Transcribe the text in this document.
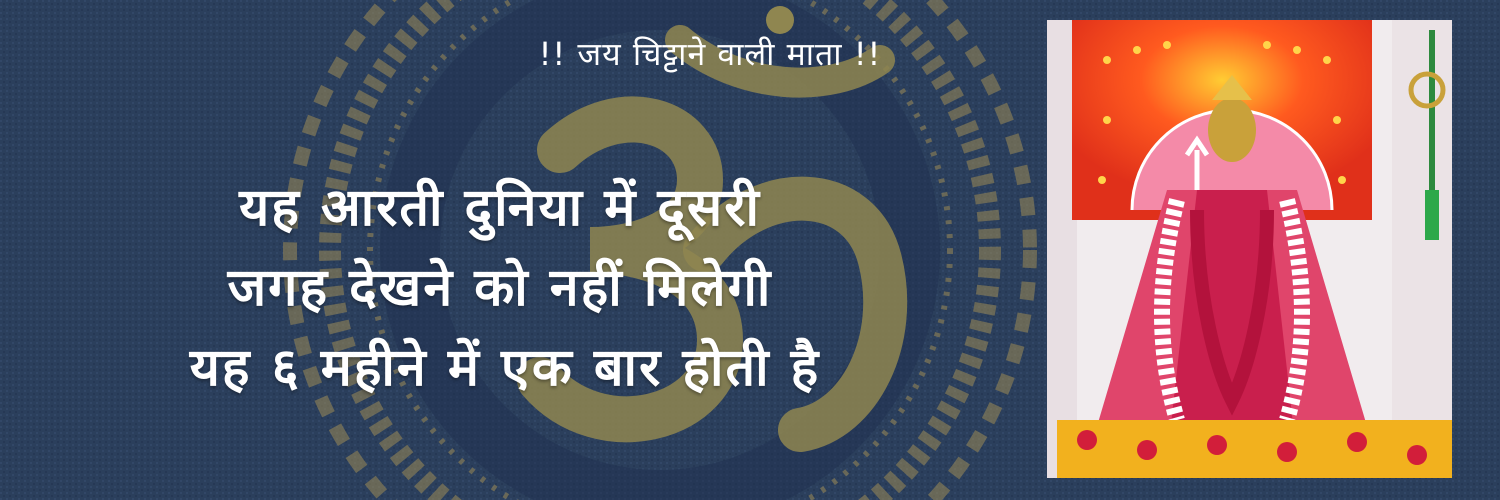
!! जय चिट्टाने वाली माता !!
यह आरती दुनिया में दूसरी
जगह देखने को नहीं मिलेगी
यह ६ महीने में एक बार होती है
